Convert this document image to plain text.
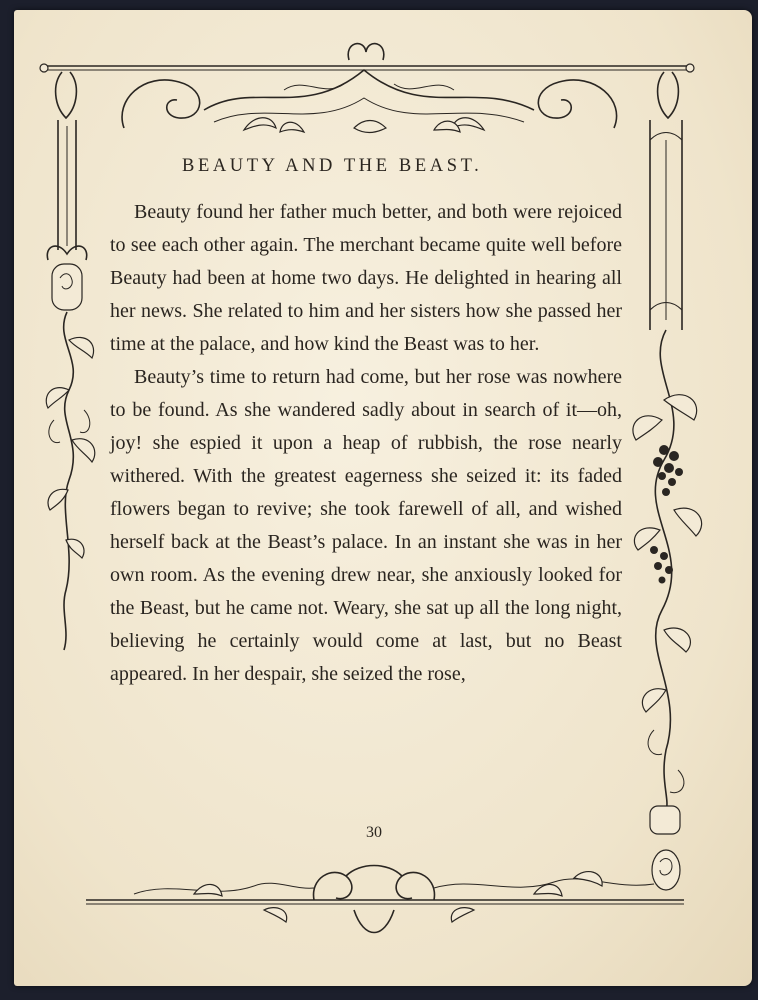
BEAUTY AND THE BEAST.

Beauty found her father much better, and both were rejoiced to see each other again. The merchant became quite well before Beauty had been at home two days. He delighted in hearing all her news. She related to him and her sisters how she passed her time at the palace, and how kind the Beast was to her.

Beauty’s time to return had come, but her rose was nowhere to be found. As she wandered sadly about in search of it—oh, joy! she espied it upon a heap of rubbish, the rose nearly withered. With the greatest eagerness she seized it: its faded flowers began to revive; she took farewell of all, and wished herself back at the Beast’s palace. In an instant she was in her own room. As the evening drew near, she anxiously looked for the Beast, but he came not. Weary, she sat up all the long night, believing he certainly would come at last, but no Beast appeared. In her despair, she seized the rose,

30
